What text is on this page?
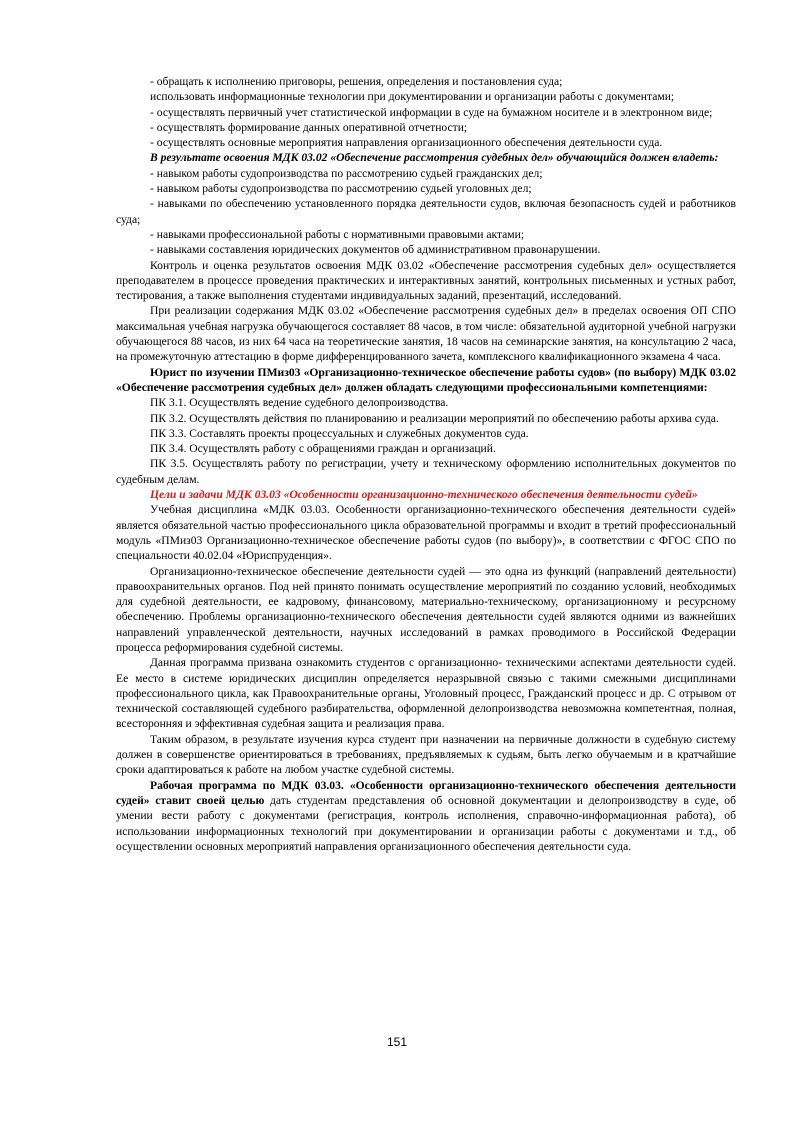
- обращать к исполнению приговоры, решения, определения и постановления суда;

использовать информационные технологии при документировании и организации работы с документами;

- осуществлять первичный учет статистической информации в суде на бумажном носителе и в электронном виде;

- осуществлять формирование данных оперативной отчетности;

- осуществлять основные мероприятия направления организационного обеспечения деятельности суда.

В результате освоения МДК 03.02 «Обеспечение рассмотрения судебных дел» обучающийся должен владеть:

- навыком работы судопроизводства по рассмотрению судьей гражданских дел;

- навыком работы судопроизводства по рассмотрению судьей уголовных дел;

- навыками по обеспечению установленного порядка деятельности судов, включая безопасность судей и работников суда;

- навыками профессиональной работы с нормативными правовыми актами;

- навыками составления юридических документов об административном правонарушении.

Контроль и оценка результатов освоения МДК 03.02 «Обеспечение рассмотрения судебных дел» осуществляется преподавателем в процессе проведения практических и интерактивных занятий, контрольных письменных и устных работ, тестирования, а также выполнения студентами индивидуальных заданий, презентаций, исследований.

При реализации содержания МДК 03.02 «Обеспечение рассмотрения судебных дел» в пределах освоения ОП СПО максимальная учебная нагрузка обучающегося составляет 88 часов, в том числе: обязательной аудиторной учебной нагрузки обучающегося 88 часов, из них 64 часа на теоретические занятия, 18 часов на семинарские занятия, на консультацию 2 часа, на промежуточную аттестацию в форме дифференцированного зачета, комплексного квалификационного экзамена 4 часа.

Юрист по изучении ПМиз03 «Организационно-техническое обеспечение работы судов» (по выбору) МДК 03.02 «Обеспечение рассмотрения судебных дел» должен обладать следующими профессиональными компетенциями:

ПК 3.1. Осуществлять ведение судебного делопроизводства.

ПК 3.2. Осуществлять действия по планированию и реализации мероприятий по обеспечению работы архива суда.

ПК 3.3. Составлять проекты процессуальных и служебных документов суда.

ПК 3.4. Осуществлять работу с обращениями граждан и организаций.

ПК 3.5. Осуществлять работу по регистрации, учету и техническому оформлению исполнительных документов по судебным делам.

Цели и задачи МДК 03.03 «Особенности организационно-технического обеспечения деятельности судей»

Учебная дисциплина «МДК 03.03. Особенности организационно-технического обеспечения деятельности судей» является обязательной частью профессионального цикла образовательной программы и входит в третий профессиональный модуль «ПМиз03 Организационно-техническое обеспечение работы судов (по выбору)», в соответствии с ФГОС СПО по специальности 40.02.04 «Юриспруденция».

Организационно-техническое обеспечение деятельности судей — это одна из функций (направлений деятельности) правоохранительных органов. Под ней принято понимать осуществление мероприятий по созданию условий, необходимых для судебной деятельности, ее кадровому, финансовому, материально-техническому, организационному и ресурсному обеспечению. Проблемы организационно-технического обеспечения деятельности судей являются одними из важнейших направлений управленческой деятельности, научных исследований в рамках проводимого в Российской Федерации процесса реформирования судебной системы.

Данная программа призвана ознакомить студентов с организационно- техническими аспектами деятельности судей. Ее место в системе юридических дисциплин определяется неразрывной связью с такими смежными дисциплинами профессионального цикла, как Правоохранительные органы, Уголовный процесс, Гражданский процесс и др. С отрывом от технической составляющей судебного разбирательства, оформленной делопроизводства невозможна компетентная, полная, всесторонняя и эффективная судебная защита и реализация права.

Таким образом, в результате изучения курса студент при назначении на первичные должности в судебную систему должен в совершенстве ориентироваться в требованиях, предъявляемых к судьям, быть легко обучаемым и в кратчайшие сроки адаптироваться к работе на любом участке судебной системы.

Рабочая программа по МДК 03.03. «Особенности организационно-технического обеспечения деятельности судей» ставит своей целью дать студентам представления об основной документации и делопроизводству в суде, об умении вести работу с документами (регистрация, контроль исполнения, справочно-информационная работа), об использовании информационных технологий при документировании и организации работы с документами и т.д., об осуществлении основных мероприятий направления организационного обеспечения деятельности суда.

151
